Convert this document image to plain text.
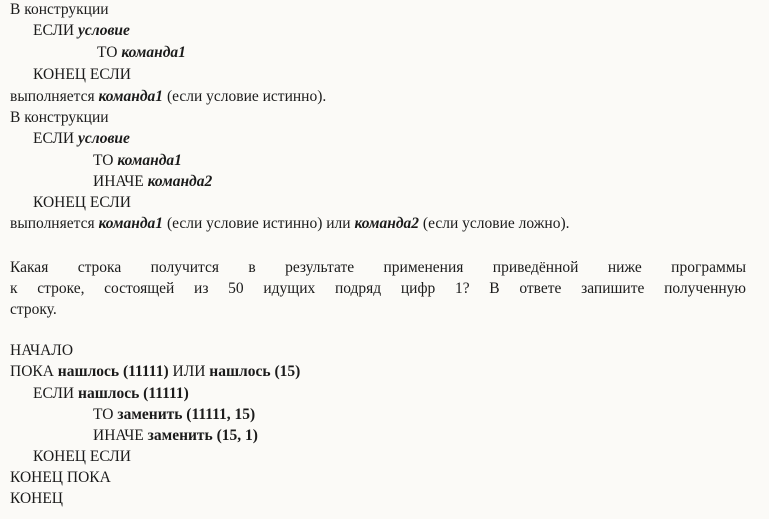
В конструкции
ЕСЛИ условие
ТО команда1
КОНЕЦ ЕСЛИ
выполняется команда1 (если условие истинно).
В конструкции
ЕСЛИ условие
ТО команда1
ИНАЧЕ команда2
КОНЕЦ ЕСЛИ
выполняется команда1 (если условие истинно) или команда2 (если условие ложно).
Какая строка получится в результате применения приведённой ниже программы
к строке, состоящей из 50 идущих подряд цифр 1? В ответе запишите полученную
строку.
НАЧАЛО
ПОКА нашлось (11111) ИЛИ нашлось (15)
ЕСЛИ нашлось (11111)
ТО заменить (11111, 15)
ИНАЧЕ заменить (15, 1)
КОНЕЦ ЕСЛИ
КОНЕЦ ПОКА
КОНЕЦ
